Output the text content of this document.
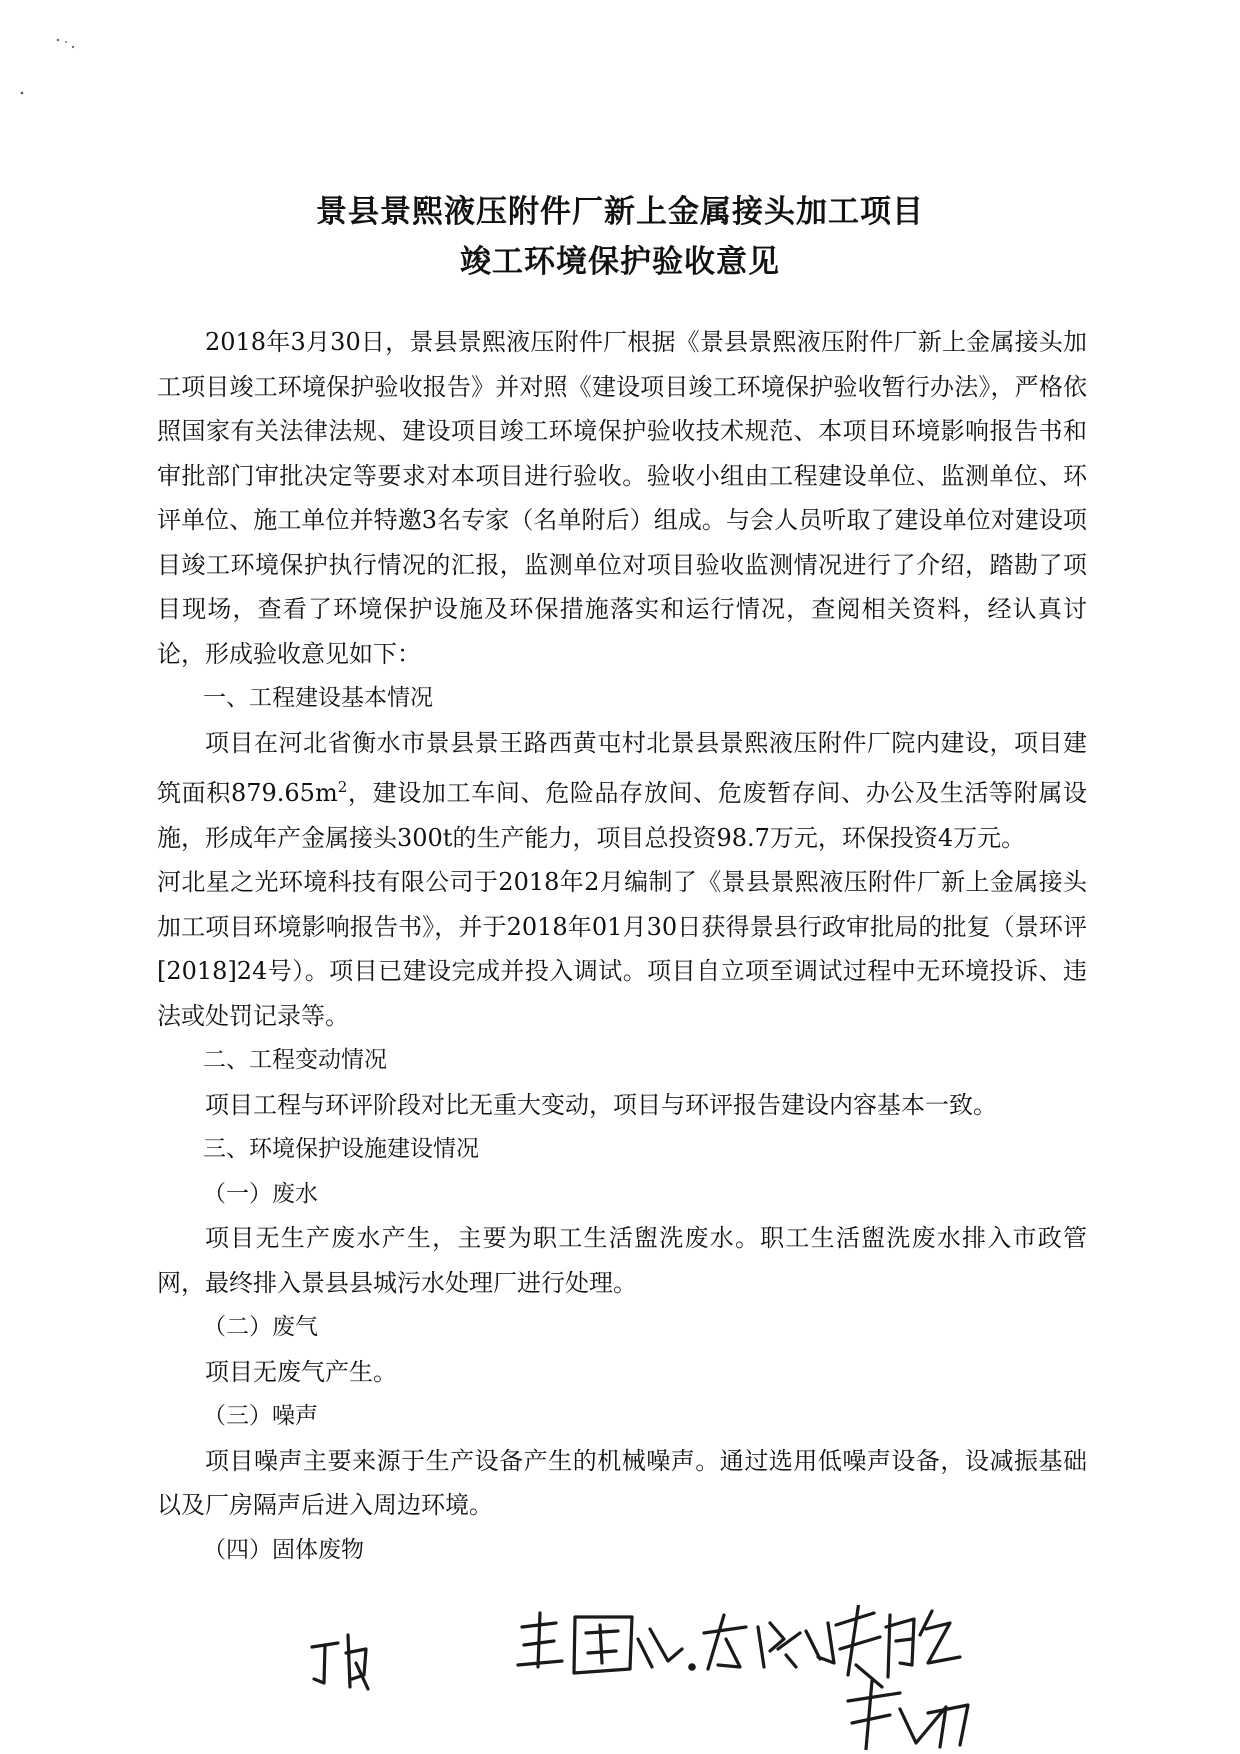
景县景熙液压附件厂新上金属接头加工项目
竣工环境保护验收意见

2018年3月30日，景县景熙液压附件厂根据《景县景熙液压附件厂新上金属接头加工项目竣工环境保护验收报告》并对照《建设项目竣工环境保护验收暂行办法》，严格依照国家有关法律法规、建设项目竣工环境保护验收技术规范、本项目环境影响报告书和审批部门审批决定等要求对本项目进行验收。验收小组由工程建设单位、监测单位、环评单位、施工单位并特邀3名专家（名单附后）组成。与会人员听取了建设单位对建设项目竣工环境保护执行情况的汇报，监测单位对项目验收监测情况进行了介绍，踏勘了项目现场，查看了环境保护设施及环保措施落实和运行情况，查阅相关资料，经认真讨论，形成验收意见如下：

一、工程建设基本情况

项目在河北省衡水市景县景王路西黄屯村北景县景熙液压附件厂院内建设，项目建筑面积$879.65m^2$，建设加工车间、危险品存放间、危废暂存间、办公及生活等附属设施，形成年产金属接头300t的生产能力，项目总投资98.7万元，环保投资4万元。

河北星之光环境科技有限公司于2018年2月编制了《景县景熙液压附件厂新上金属接头加工项目环境影响报告书》，并于2018年01月30日获得景县行政审批局的批复（景环评[2018]24号）。项目已建设完成并投入调试。项目自立项至调试过程中无环境投诉、违法或处罚记录等。

二、工程变动情况

项目工程与环评阶段对比无重大变动，项目与环评报告建设内容基本一致。

三、环境保护设施建设情况

（一）废水

项目无生产废水产生，主要为职工生活盥洗废水。职工生活盥洗废水排入市政管网，最终排入景县县城污水处理厂进行处理。

（二）废气

项目无废气产生。

（三）噪声

项目噪声主要来源于生产设备产生的机械噪声。通过选用低噪声设备，设减振基础以及厂房隔声后进入周边环境。

（四）固体废物
